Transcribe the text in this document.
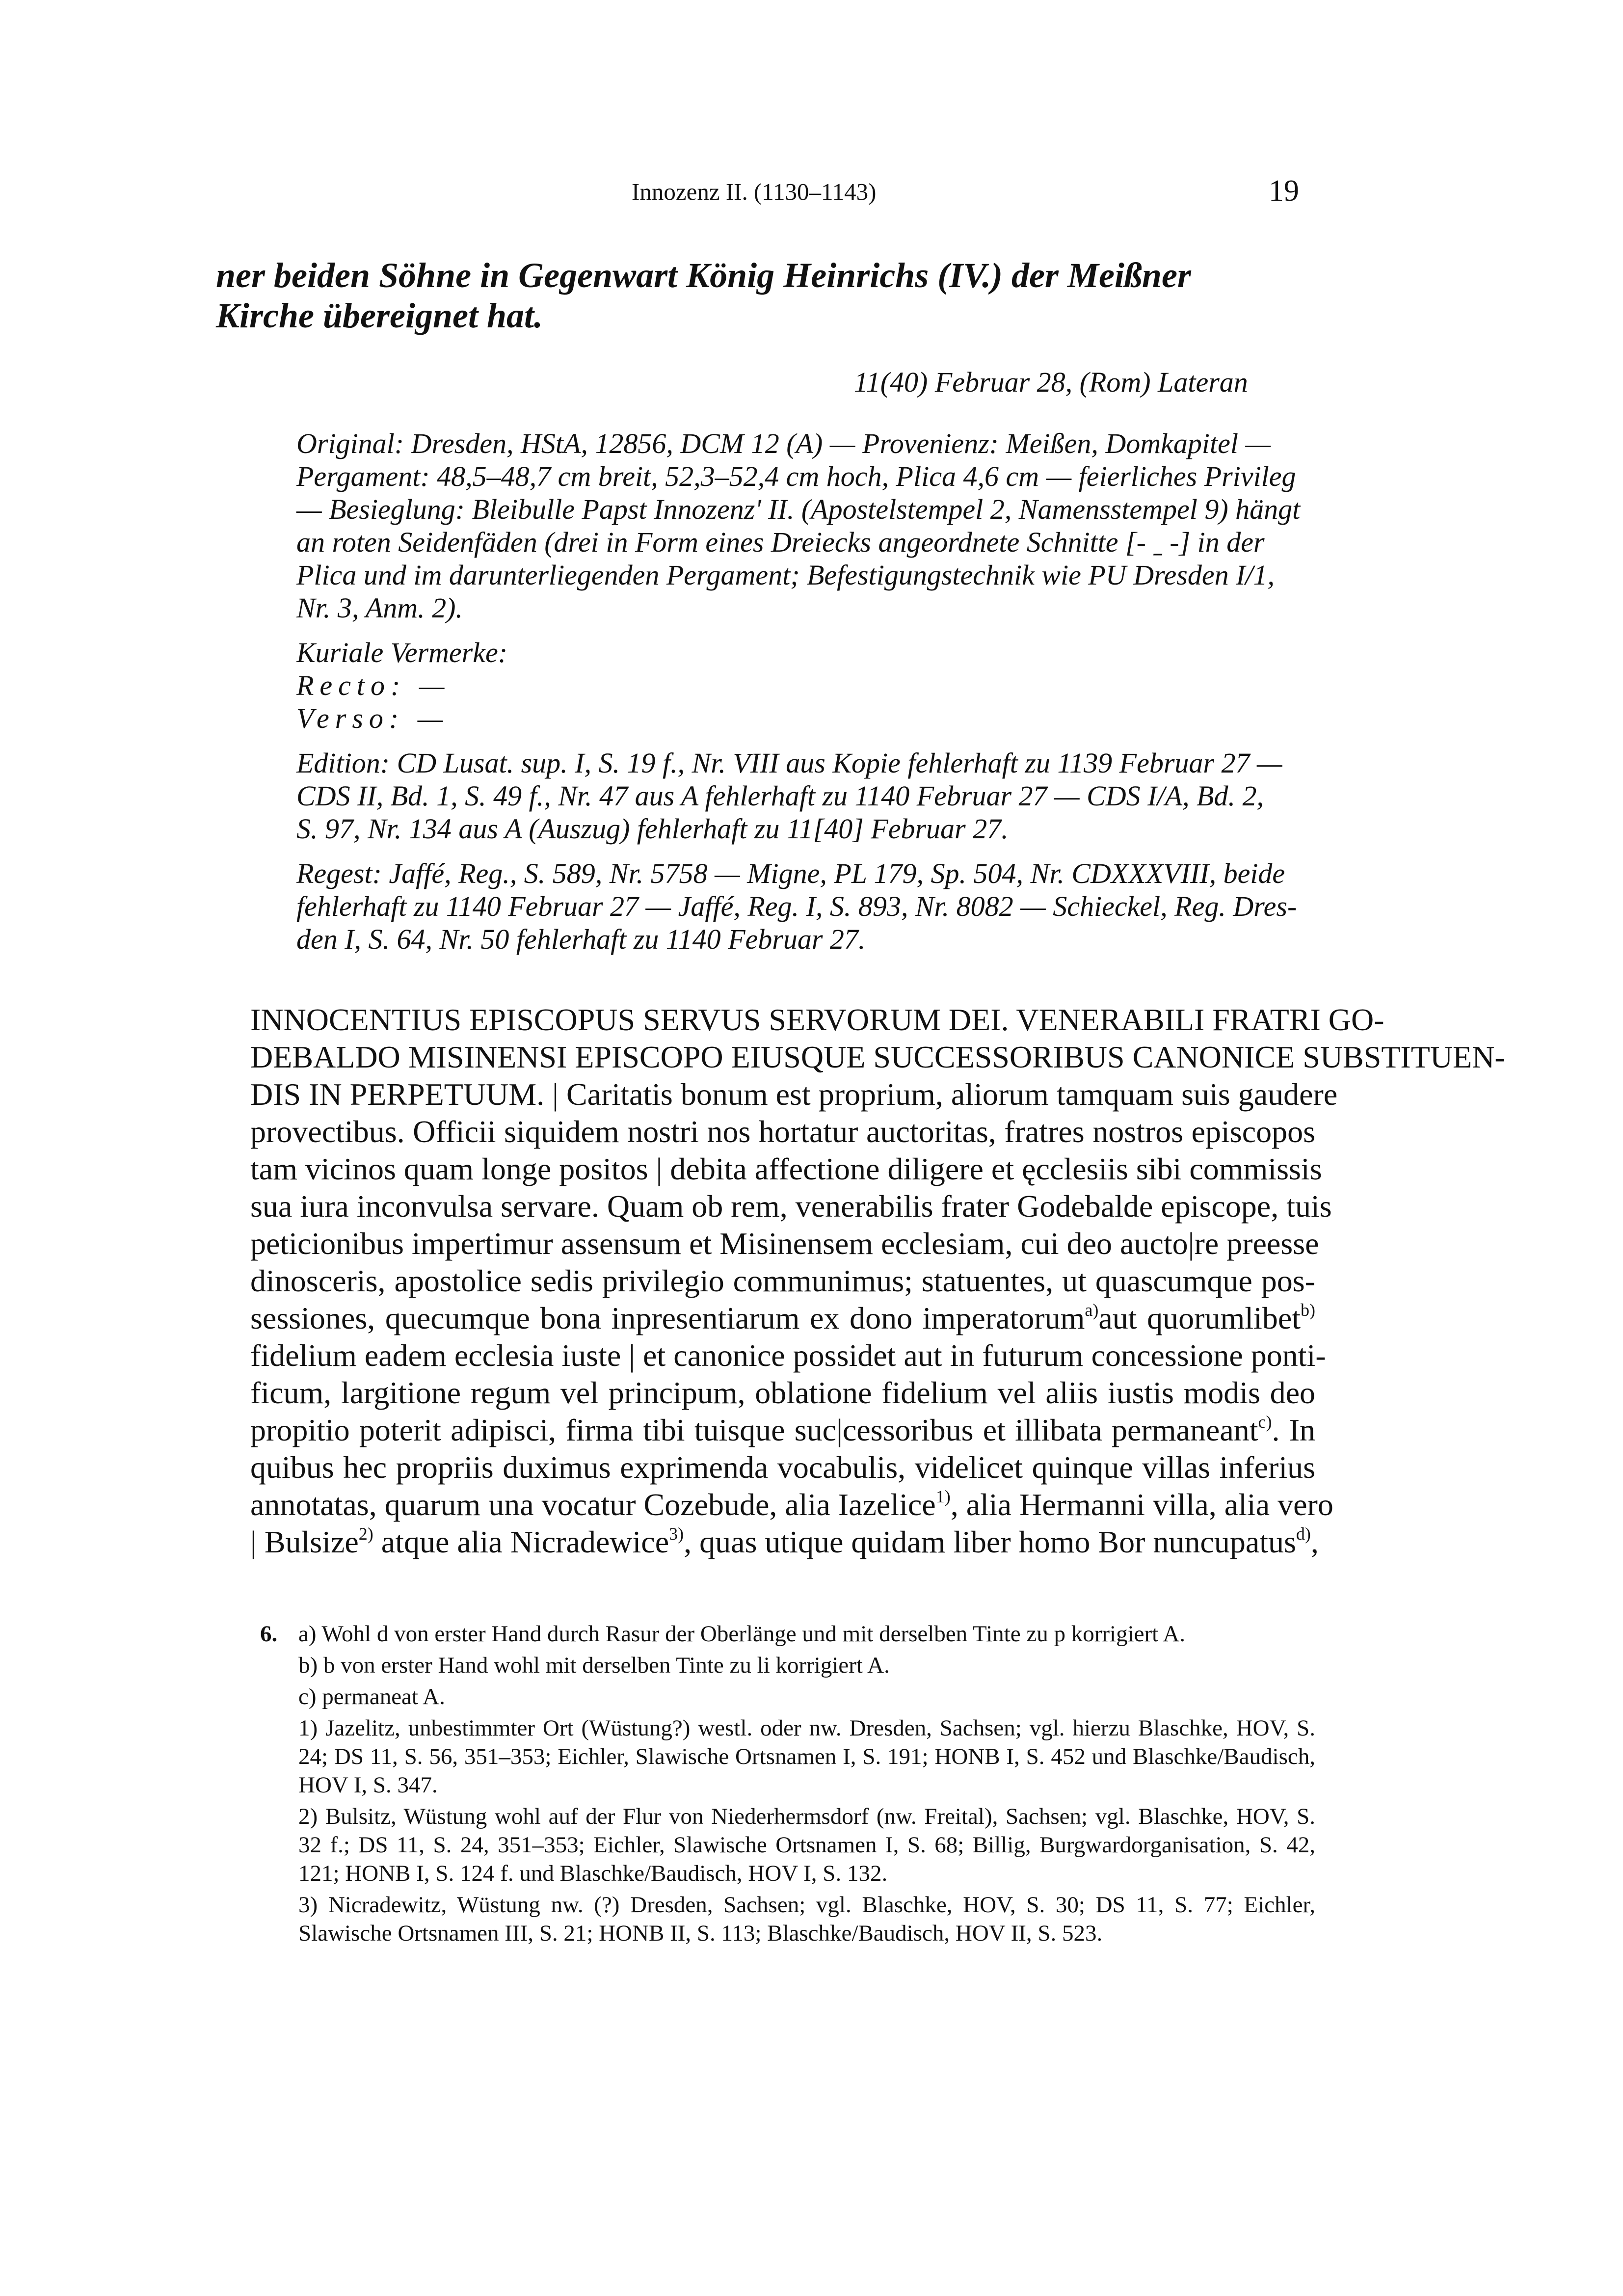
Innozenz II. (1130–1143)	19

ner beiden Söhne in Gegenwart König Heinrichs (IV.) der Meißner Kirche übereignet hat.

11(40) Februar 28, (Rom) Lateran

Original: Dresden, HStA, 12856, DCM 12 (A) — Provenienz: Meißen, Domkapitel —
Pergament: 48,5–48,7 cm breit, 52,3–52,4 cm hoch, Plica 4,6 cm — feierliches Privileg
— Besieglung: Bleibulle Papst Innozenz' II. (Apostelstempel 2, Namensstempel 9) hängt
an roten Seidenfäden (drei in Form eines Dreiecks angeordnete Schnitte [- ˍ -] in der
Plica und im darunterliegenden Pergament; Befestigungstechnik wie PU Dresden I/1,
Nr. 3, Anm. 2).

Kuriale Vermerke:
Recto: —
Verso: —

Edition: CD Lusat. sup. I, S. 19 f., Nr. VIII aus Kopie fehlerhaft zu 1139 Februar 27 —
CDS II, Bd. 1, S. 49 f., Nr. 47 aus A fehlerhaft zu 1140 Februar 27 — CDS I/A, Bd. 2,
S. 97, Nr. 134 aus A (Auszug) fehlerhaft zu 11[40] Februar 27.

Regest: Jaffé, Reg., S. 589, Nr. 5758 — Migne, PL 179, Sp. 504, Nr. CDXXXVIII, beide
fehlerhaft zu 1140 Februar 27 — Jaffé, Reg. I, S. 893, Nr. 8082 — Schieckel, Reg. Dres-
den I, S. 64, Nr. 50 fehlerhaft zu 1140 Februar 27.

INNOCENTIUS EPISCOPUS SERVUS SERVORUM DEI. VENERABILI FRATRI GO-
DEBALDO MISINENSI EPISCOPO EIUSQUE SUCCESSORIBUS CANONICE SUBSTITUEN-
DIS IN PERPETUUM. | Caritatis bonum est proprium, aliorum tamquam suis gaudere
provectibus. Officii siquidem nostri nos hortatur auctoritas, fratres nostros episcopos
tam vicinos quam longe positos | debita affectione diligere et ęcclesiis sibi commissis
sua iura inconvulsa servare. Quam ob rem, venerabilis frater Godebalde episcope, tuis
peticionibus impertimur assensum et Misinensem ecclesiam, cui deo aucto|re preesse
dinosceris, apostolice sedis privilegio communimus; statuentes, ut quascumque pos-
sessiones, quecumque bona inpresentiarum ex dono imperatorum$^{a)}$aut quorumlibet$^{b)}$
fidelium eadem ecclesia iuste | et canonice possidet aut in futurum concessione ponti-
ficum, largitione regum vel principum, oblatione fidelium vel aliis iustis modis deo
propitio poterit adipisci, firma tibi tuisque suc|cessoribus et illibata permaneant$^{c)}$. In
quibus hec propriis duximus exprimenda vocabulis, videlicet quinque villas inferius
annotatas, quarum una vocatur Cozebude, alia Iazelice$^{1)}$, alia Hermanni villa, alia vero
| Bulsize$^{2)}$ atque alia Nicradewice$^{3)}$, quas utique quidam liber homo Bor nuncupatus$^{d)}$,
6. a) Wohl d von erster Hand durch Rasur der Oberlänge und mit derselben Tinte zu p korrigiert A.

b) b von erster Hand wohl mit derselben Tinte zu li korrigiert A.

c) permaneat A.

1) Jazelitz, unbestimmter Ort (Wüstung?) westl. oder nw. Dresden, Sachsen; vgl. hierzu Blaschke, HOV, S. 24; DS 11, S. 56, 351–353; Eichler, Slawische Ortsnamen I, S. 191; HONB I, S. 452 und Blaschke/Baudisch, HOV I, S. 347.

2) Bulsitz, Wüstung wohl auf der Flur von Niederhermsdorf (nw. Freital), Sachsen; vgl. Blaschke, HOV, S. 32 f.; DS 11, S. 24, 351–353; Eichler, Slawische Ortsnamen I, S. 68; Billig, Burgwardorganisation, S. 42, 121; HONB I, S. 124 f. und Blaschke/Baudisch, HOV I, S. 132.

3) Nicradewitz, Wüstung nw. (?) Dresden, Sachsen; vgl. Blaschke, HOV, S. 30; DS 11, S. 77; Eichler, Slawische Ortsnamen III, S. 21; HONB II, S. 113; Blaschke/Baudisch, HOV II, S. 523.
